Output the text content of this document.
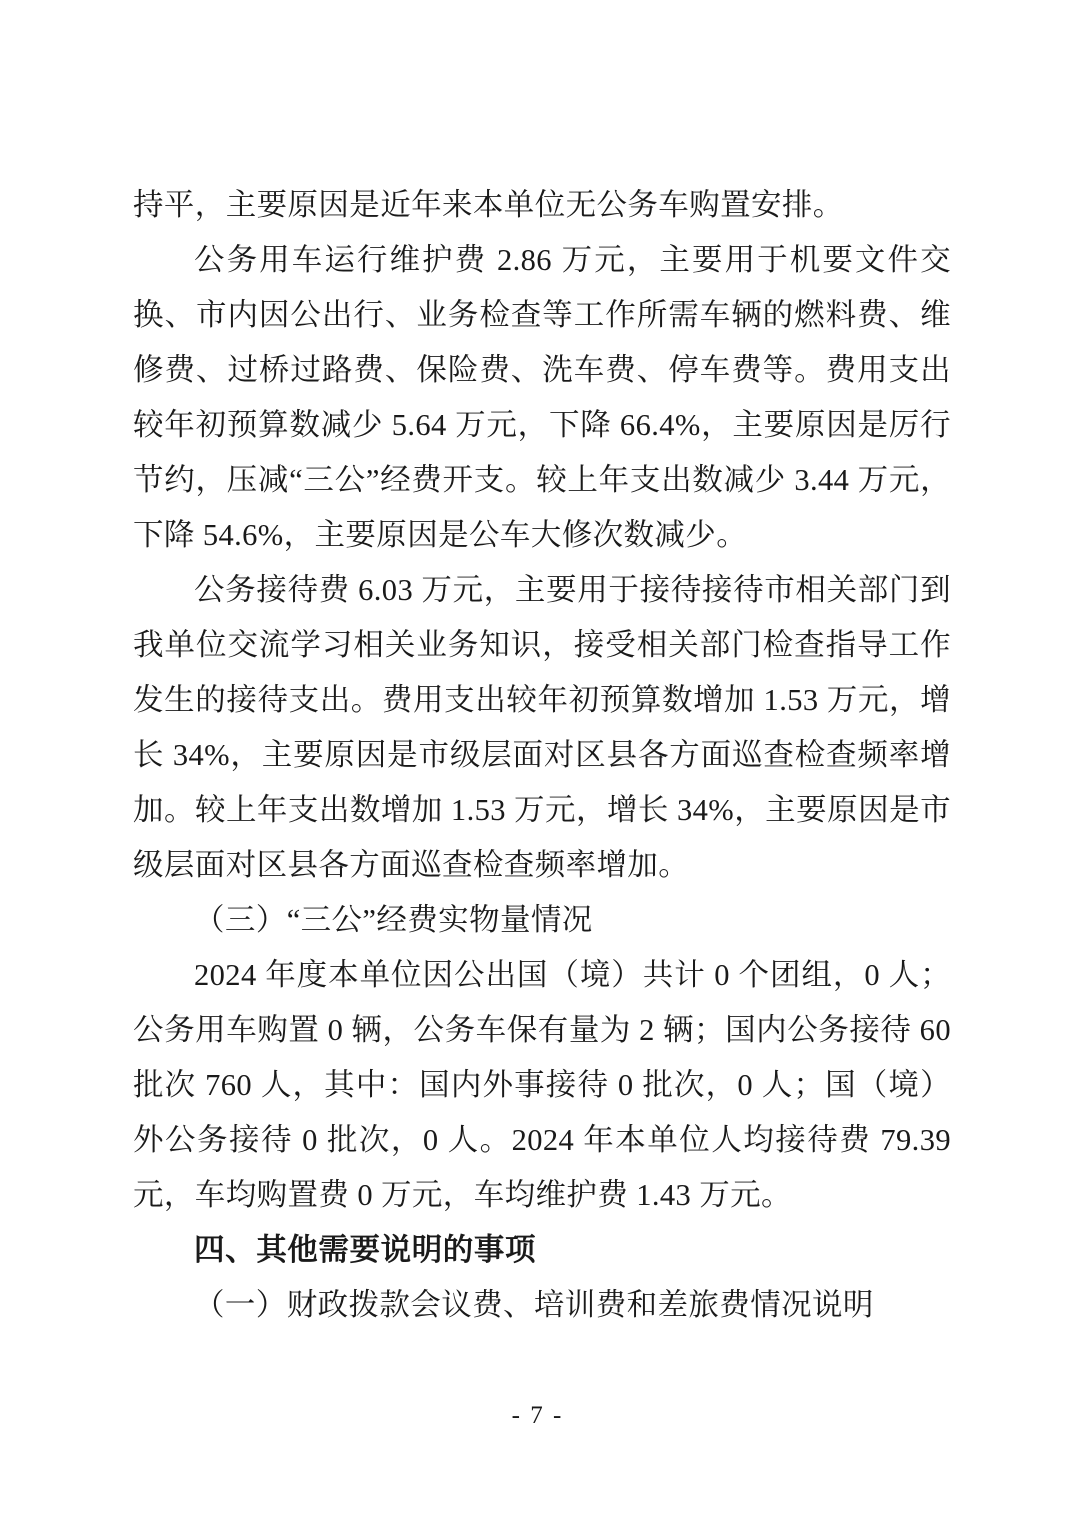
持平，主要原因是近年来本单位无公务车购置安排。

公务用车运行维护费 2.86 万元，主要用于机要文件交换、市内因公出行、业务检查等工作所需车辆的燃料费、维修费、过桥过路费、保险费、洗车费、停车费等。费用支出较年初预算数减少 5.64 万元，下降 66.4%，主要原因是厉行节约，压减“三公”经费开支。较上年支出数减少 3.44 万元，下降 54.6%，主要原因是公车大修次数减少。

公务接待费 6.03 万元，主要用于接待接待市相关部门到我单位交流学习相关业务知识，接受相关部门检查指导工作发生的接待支出。费用支出较年初预算数增加 1.53 万元，增长 34%，主要原因是市级层面对区县各方面巡查检查频率增加。较上年支出数增加 1.53 万元，增长 34%，主要原因是市级层面对区县各方面巡查检查频率增加。

（三）“三公”经费实物量情况

2024 年度本单位因公出国（境）共计 0 个团组，0 人；公务用车购置 0 辆，公务车保有量为 2 辆；国内公务接待 60 批次 760 人，其中：国内外事接待 0 批次，0 人；国（境）外公务接待 0 批次，0 人。2024 年本单位人均接待费 79.39 元，车均购置费 0 万元，车均维护费 1.43 万元。

四、其他需要说明的事项

（一）财政拨款会议费、培训费和差旅费情况说明

- 7 -
